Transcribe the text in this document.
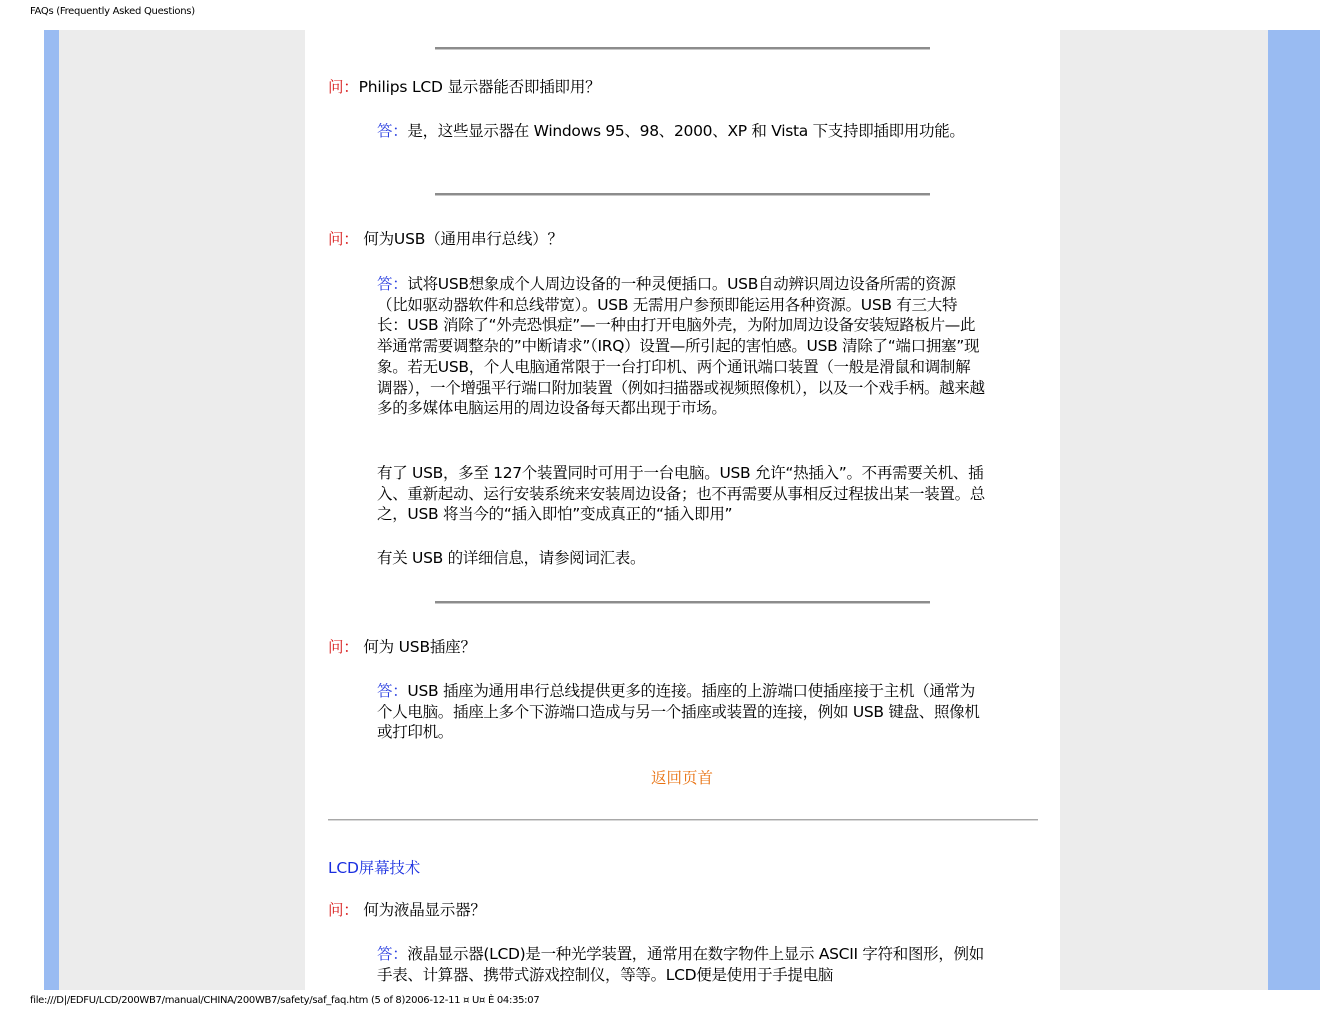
FAQs (Frequently Asked Questions)
问：Philips LCD 显示器能否即插即用？
答：是，这些显示器在 Windows 95、98、2000、XP 和 Vista 下支持即插即用功能。
问： 何为USB（通用串行总线）？
答：试将USB想象成个人周边设备的一种灵便插口。USB自动辨识周边设备所需的资源（比如驱动器软件和总线带宽）。USB 无需用户参预即能运用各种资源。USB 有三大特长：USB 消除了“外壳恐惧症”—一种由打开电脑外壳，为附加周边设备安装短路板片—此举通常需要调整杂的”中断请求”（IRQ）设置—所引起的害怕感。USB 清除了“端口拥塞”现象。若无USB，个人电脑通常限于一台打印机、两个通讯端口装置（一般是滑鼠和调制解调器），一个增强平行端口附加装置（例如扫描器或视频照像机），以及一个戏手柄。越来越多的多媒体电脑运用的周边设备每天都出现于市场。
有了 USB，多至 127个装置同时可用于一台电脑。USB 允许“热插入”。不再需要关机、插入、重新起动、运行安装系统来安装周边设备；也不再需要从事相反过程拔出某一装置。总之，USB 将当今的“插入即怕”变成真正的“插入即用”
有关 USB 的详细信息，请参阅词汇表。
问： 何为 USB插座？
答：USB 插座为通用串行总线提供更多的连接。插座的上游端口使插座接于主机（通常为个人电脑。插座上多个下游端口造成与另一个插座或装置的连接，例如 USB 键盘、照像机或打印机。
返回页首
LCD屏幕技术
问： 何为液晶显示器？
答：液晶显示器(LCD)是一种光学装置，通常用在数字物件上显示 ASCII 字符和图形，例如手表、计算器、携带式游戏控制仪，等等。LCD便是使用于手提电脑
file:///D|/EDFU/LCD/200WB7/manual/CHINA/200WB7/safety/saf_faq.htm (5 of 8)2006-12-11 ¤ U¤ È 04:35:07
